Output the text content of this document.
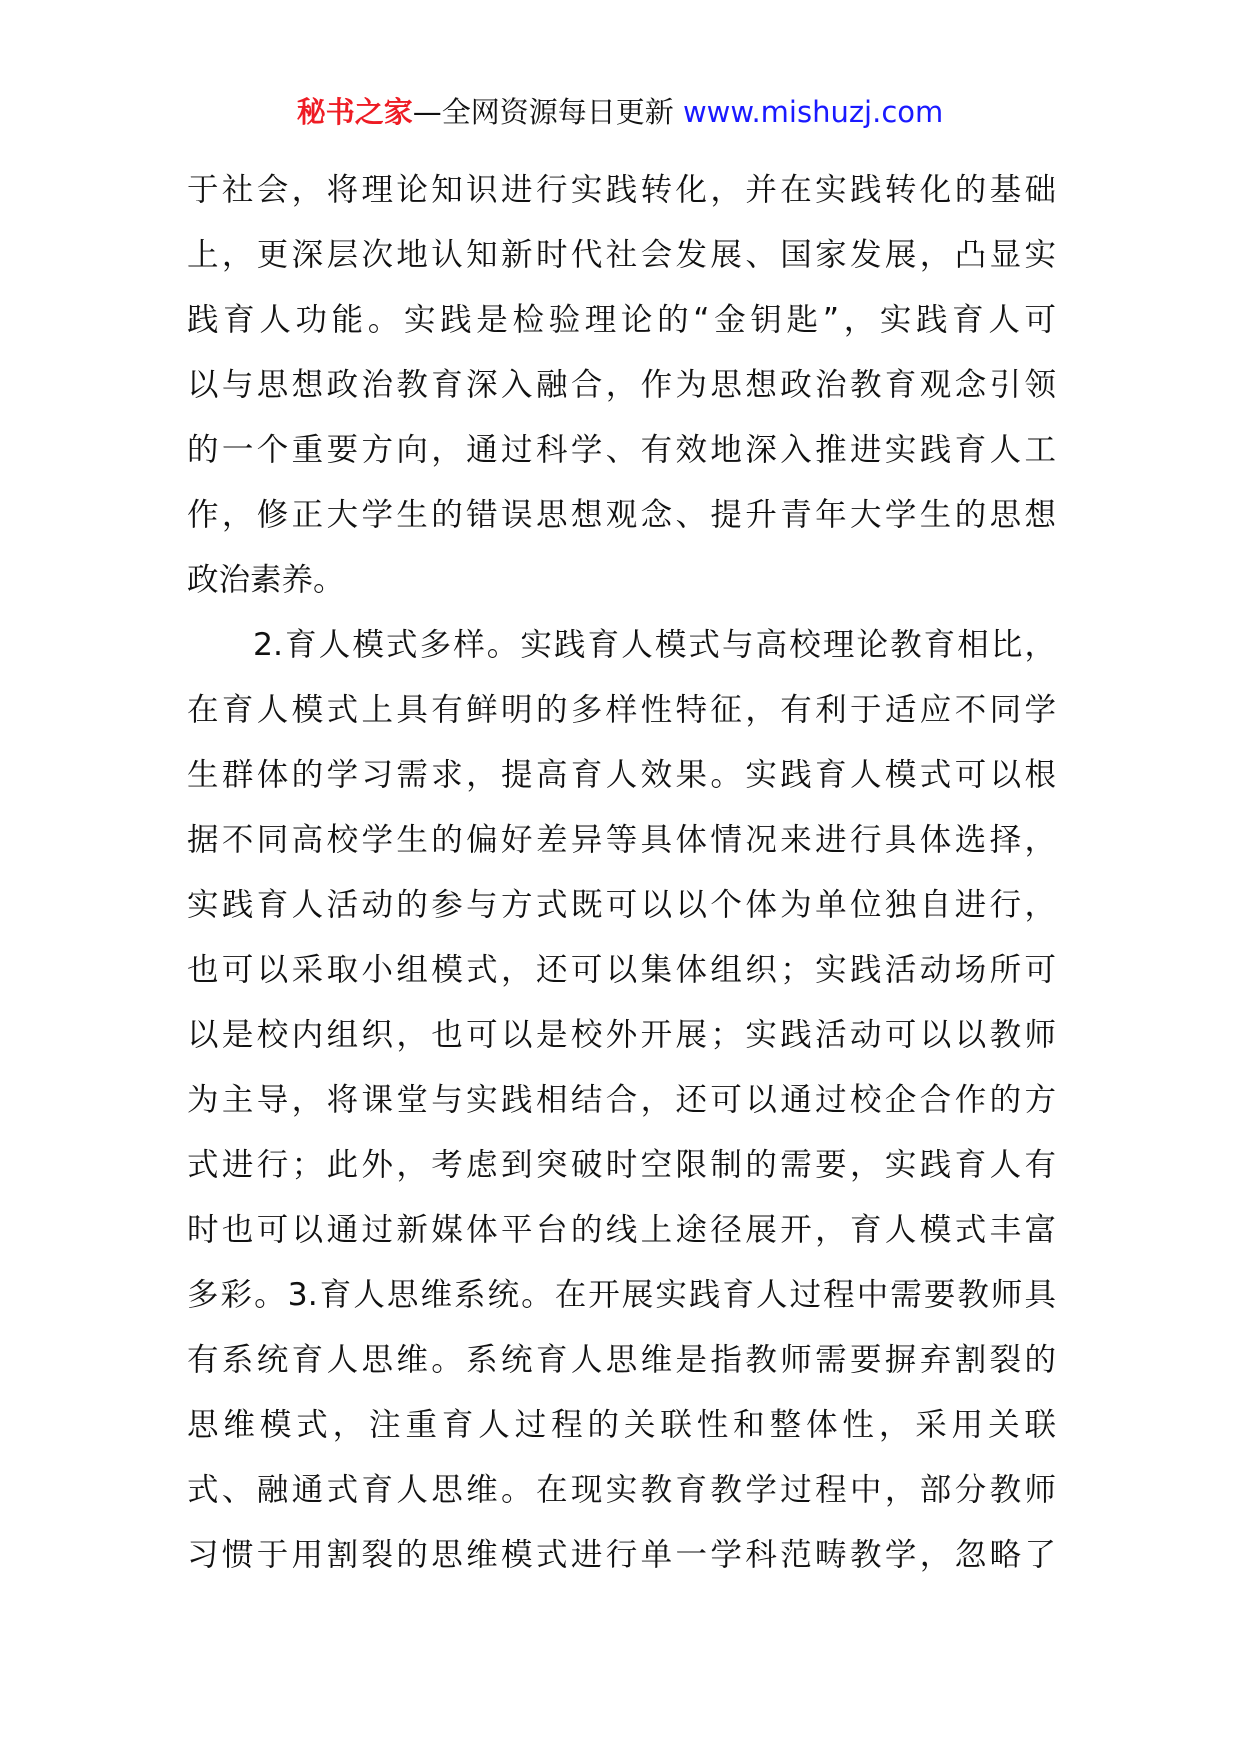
秘书之家—全网资源每日更新 www.mishuzj.com
于社会，将理论知识进行实践转化，并在实践转化的基础
上，更深层次地认知新时代社会发展、国家发展，凸显实
践育人功能。实践是检验理论的“金钥匙”，实践育人可
以与思想政治教育深入融合，作为思想政治教育观念引领
的一个重要方向，通过科学、有效地深入推进实践育人工
作，修正大学生的错误思想观念、提升青年大学生的思想
政治素养。
2.育人模式多样。实践育人模式与高校理论教育相比，
在育人模式上具有鲜明的多样性特征，有利于适应不同学
生群体的学习需求，提高育人效果。实践育人模式可以根
据不同高校学生的偏好差异等具体情况来进行具体选择，
实践育人活动的参与方式既可以以个体为单位独自进行，
也可以采取小组模式，还可以集体组织；实践活动场所可
以是校内组织，也可以是校外开展；实践活动可以以教师
为主导，将课堂与实践相结合，还可以通过校企合作的方
式进行；此外，考虑到突破时空限制的需要，实践育人有
时也可以通过新媒体平台的线上途径展开，育人模式丰富
多彩。3.育人思维系统。在开展实践育人过程中需要教师具
有系统育人思维。系统育人思维是指教师需要摒弃割裂的
思维模式，注重育人过程的关联性和整体性，采用关联
式、融通式育人思维。在现实教育教学过程中，部分教师
习惯于用割裂的思维模式进行单一学科范畴教学，忽略了
